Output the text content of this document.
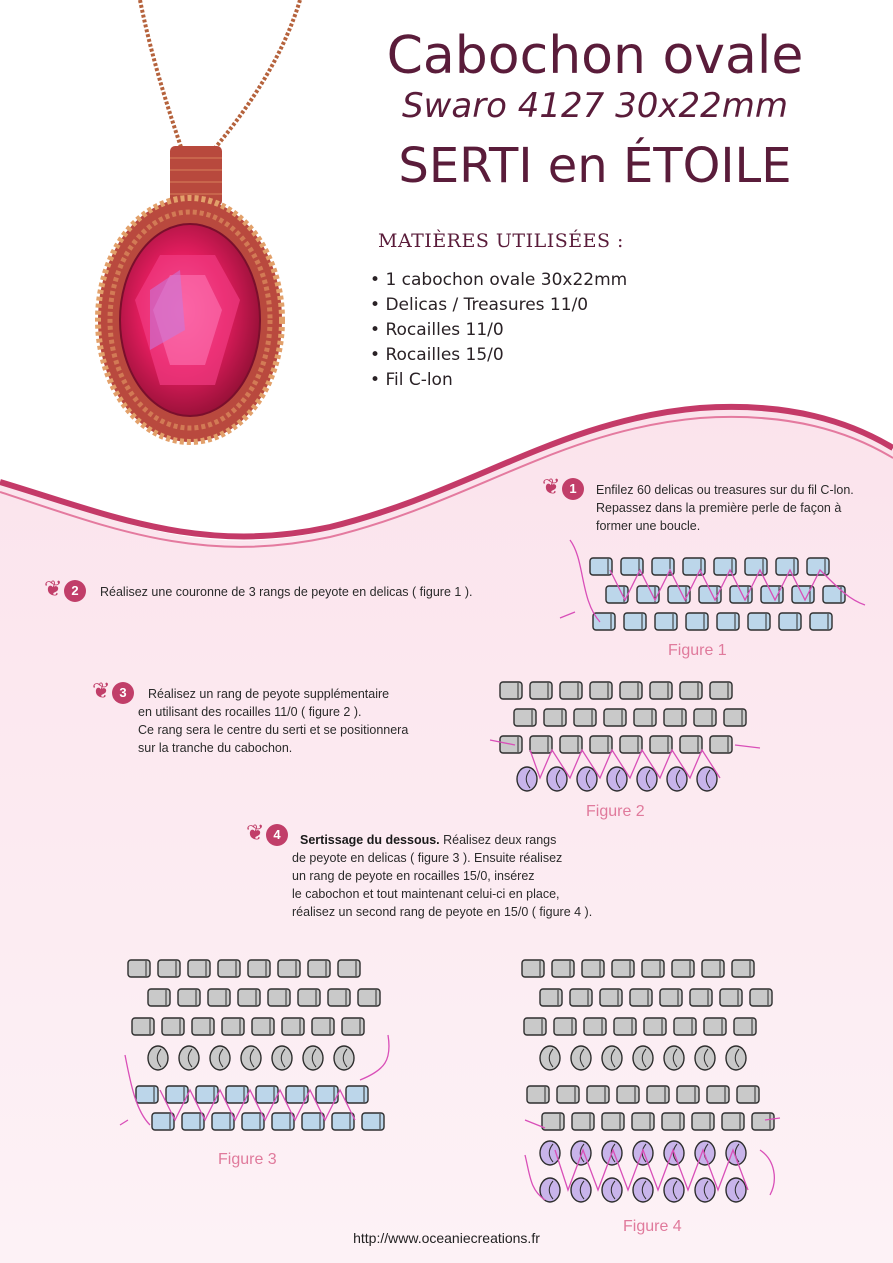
Cabochon ovale
Swaro 4127 30x22mm
SERTI en ÉTOILE
MATIÈRES UTILISÉES :
• 1 cabochon ovale 30x22mm
• Delicas / Treasures 11/0
• Rocailles 11/0
• Rocailles 15/0
• Fil C-lon
❦ 1	Enfilez 60 delicas ou treasures sur du fil C-lon.
Repassez dans la première perle de façon à
former une boucle.
❦ 2	Réalisez une couronne de 3 rangs de peyote en delicas ( figure 1 ).
❦ 3	Réalisez un rang de peyote supplémentaire
en utilisant des rocailles 11/0 ( figure 2 ).
Ce rang sera le centre du serti et se positionnera
sur la tranche du cabochon.
❦ 4	Sertissage du dessous. Réalisez deux rangs
de peyote en delicas ( figure 3 ). Ensuite réalisez
un rang de peyote en rocailles 15/0, insérez
le cabochon et tout maintenant celui-ci en place,
réalisez un second rang de peyote en 15/0 ( figure 4 ).
Figure 1
Figure 2
Figure 3
Figure 4
http://www.oceaniecreations.fr
